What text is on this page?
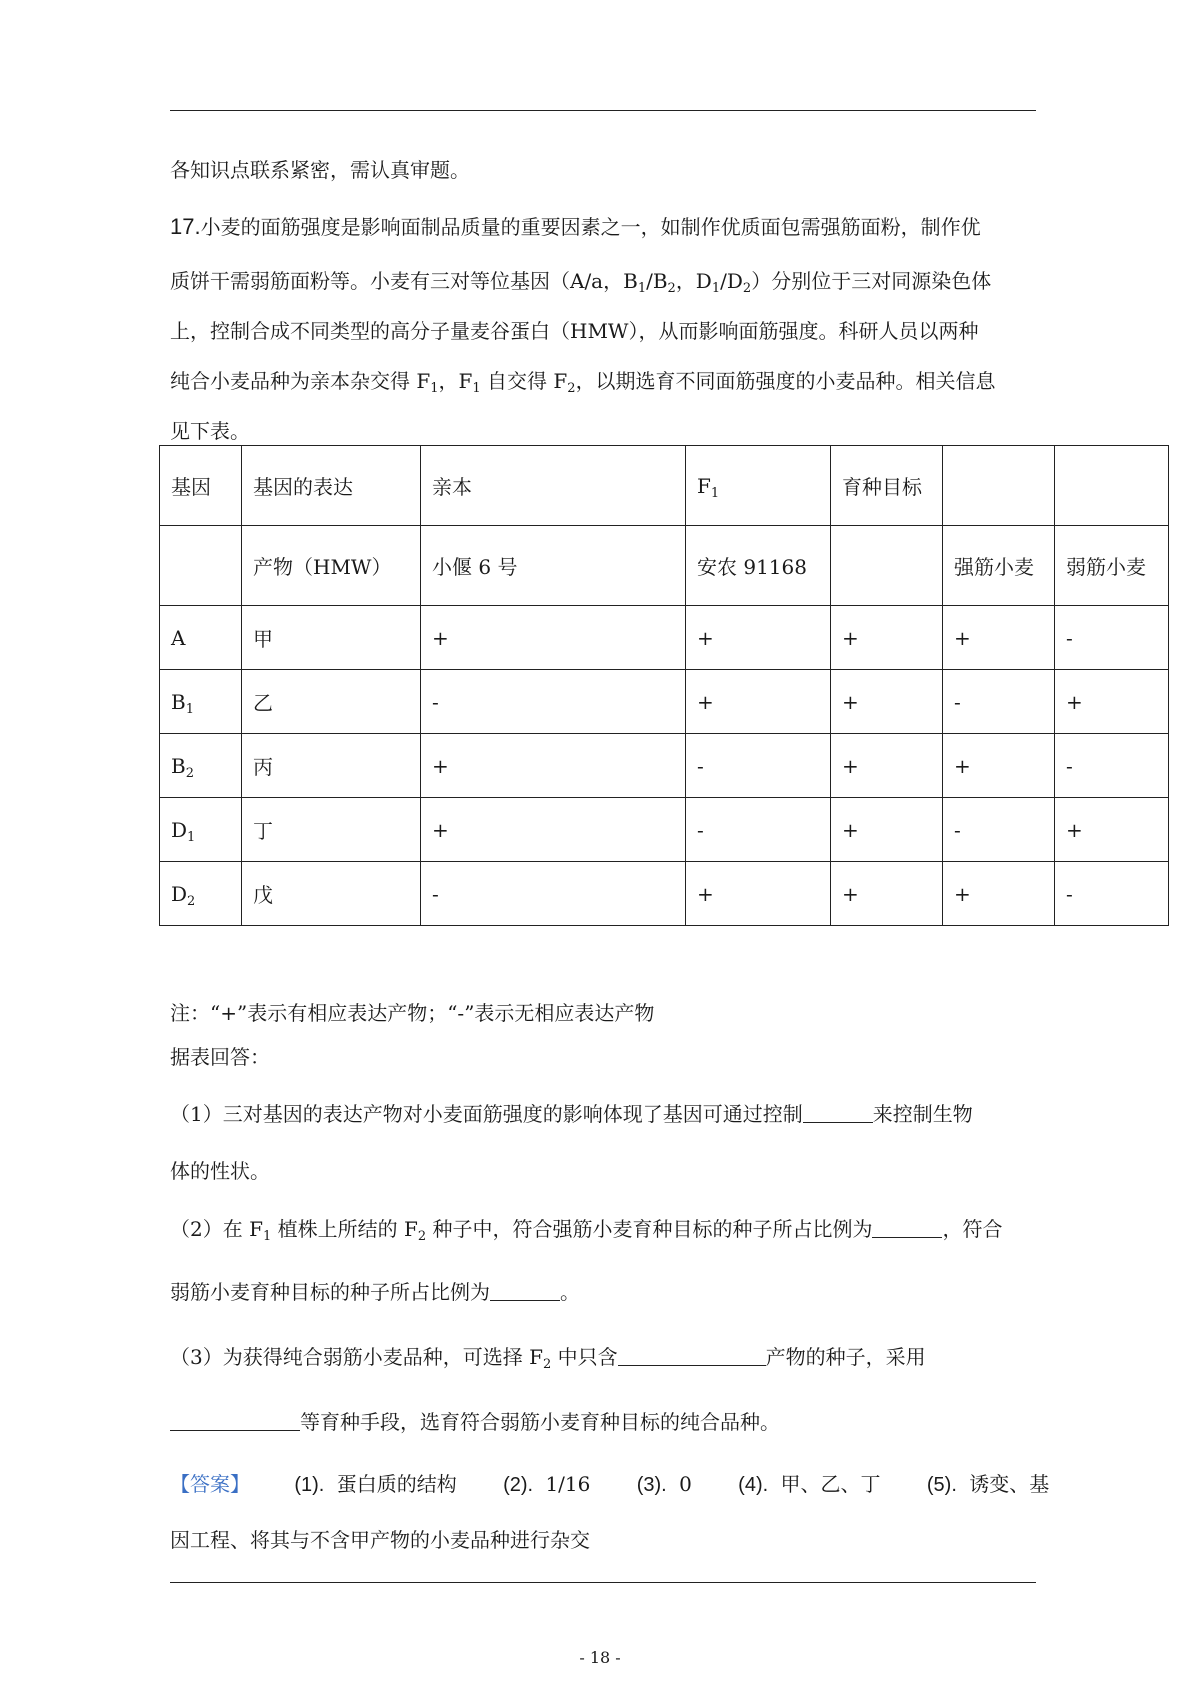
各知识点联系紧密，需认真审题。
17.小麦的面筋强度是影响面制品质量的重要因素之一，如制作优质面包需强筋面粉，制作优
质饼干需弱筋面粉等。小麦有三对等位基因（A/a，$B_1/B_2$，$D_1/D_2$）分别位于三对同源染色体
上，控制合成不同类型的高分子量麦谷蛋白（HMW），从而影响面筋强度。科研人员以两种
纯合小麦品种为亲本杂交得 $F_1$，$F_1$ 自交得 $F_2$，以期选育不同面筋强度的小麦品种。相关信息
见下表。
基因	基因的表达	亲本	$F_1$	育种目标		
	产物（HMW）	小偃 6 号	安农 91168		强筋小麦	弱筋小麦
A	甲	+	+	+	+	-
$B_1$	乙	-	+	+	-	+
$B_2$	丙	+	-	+	+	-
$D_1$	丁	+	-	+	-	+
$D_2$	戊	-	+	+	+	-
注：“+”表示有相应表达产物；“-”表示无相应表达产物
据表回答：
（1）三对基因的表达产物对小麦面筋强度的影响体现了基因可通过控制	来控制生物
体的性状。
（2）在 $F_1$ 植株上所结的 $F_2$ 种子中，符合强筋小麦育种目标的种子所占比例为	，符合
弱筋小麦育种目标的种子所占比例为	。
（3）为获得纯合弱筋小麦品种，可选择 $F_2$ 中只含	产物的种子，采用
等育种手段，选育符合弱筋小麦育种目标的纯合品种。
【答案】 (1). 蛋白质的结构 (2). 1/16 (3). 0 (4). 甲、乙、丁 (5). 诱变、基
因工程、将其与不含甲产物的小麦品种进行杂交
- 18 -
